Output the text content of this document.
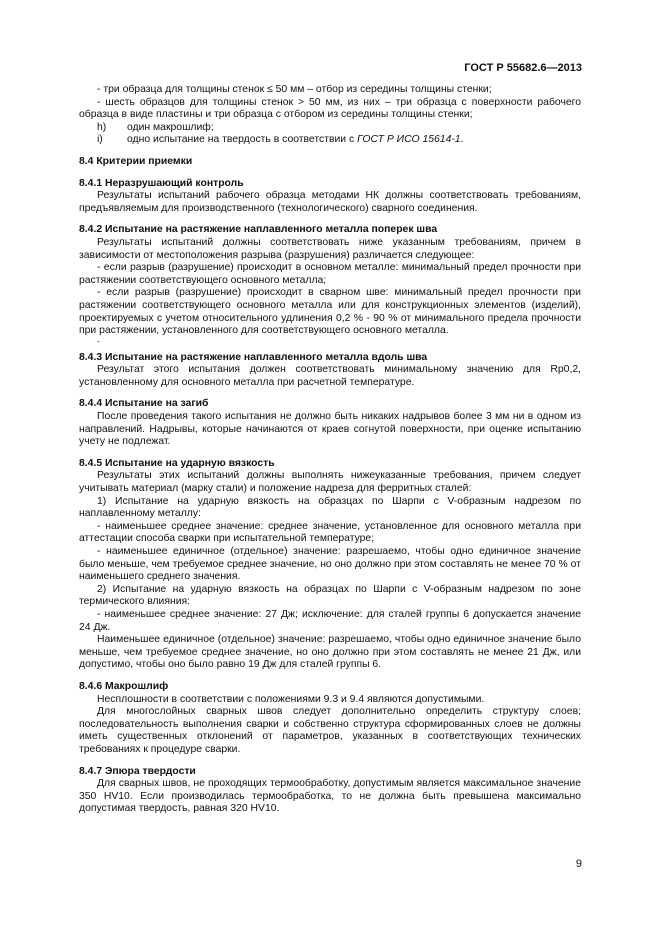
ГОСТ Р 55682.6—2013

- три образца для толщины стенок ≤ 50 мм – отбор из середины толщины стенки;

- шесть образцов для толщины стенок > 50 мм, из них – три образца с поверхности рабочего образца в виде пластины и три образца с отбором из середины толщины стенки;

h) один макрошлиф;

i) одно испытание на твердость в соответствии с ГОСТ Р ИСО 15614-1.

8.4 Критерии приемки

8.4.1 Неразрушающий контроль

Результаты испытаний рабочего образца методами НК должны соответствовать требованиям, предъявляемым для производственного (технологического) сварного соединения.

8.4.2 Испытание на растяжение наплавленного металла поперек шва

Результаты испытаний должны соответствовать ниже указанным требованиям, причем в зависимости от местоположения разрыва (разрушения) различается следующее:

- если разрыв (разрушение) происходит в основном металле: минимальный предел прочности при растяжении соответствующего основного металла;

- если разрыв (разрушение) происходит в сварном шве: минимальный предел прочности при растяжении соответствующего основного металла или для конструкционных элементов (изделий), проектируемых с учетом относительного удлинения 0,2 % - 90 % от минимального предела прочности при растяжении, установленного для соответствующего основного металла.

-

8.4.3 Испытание на растяжение наплавленного металла вдоль шва

Результат этого испытания должен соответствовать минимальному значению для Rp0,2, установленному для основного металла при расчетной температуре.

8.4.4 Испытание на загиб

После проведения такого испытания не должно быть никаких надрывов более 3 мм ни в одном из направлений. Надрывы, которые начинаются от краев согнутой поверхности, при оценке испытанию учету не подлежат.

8.4.5 Испытание на ударную вязкость

Результаты этих испытаний должны выполнять нижеуказанные требования, причем следует учитывать материал (марку стали) и положение надреза для ферритных сталей:

1) Испытание на ударную вязкость на образцах по Шарпи с V-образным надрезом по наплавленному металлу:

- наименьшее среднее значение: среднее значение, установленное для основного металла при аттестации способа сварки при испытательной температуре;

- наименьшее единичное (отдельное) значение: разрешаемо, чтобы одно единичное значение было меньше, чем требуемое среднее значение, но оно должно при этом составлять не менее 70 % от наименьшего среднего значения.

2) Испытание на ударную вязкость на образцах по Шарпи с V-образным надрезом по зоне термического влияния:

- наименьшее среднее значение: 27 Дж; исключение: для сталей группы 6 допускается значение 24 Дж.

Наименьшее единичное (отдельное) значение: разрешаемо, чтобы одно единичное значение было меньше, чем требуемое среднее значение, но оно должно при этом составлять не менее 21 Дж, или допустимо, чтобы оно было равно 19 Дж для сталей группы 6.

8.4.6 Макрошлиф

Несплошности в соответствии с положениями 9.3 и 9.4 являются допустимыми.

Для многослойных сварных швов следует дополнительно определить структуру слоев; последовательность выполнения сварки и собственно структура сформированных слоев не должны иметь существенных отклонений от параметров, указанных в соответствующих технических требованиях к процедуре сварки.

8.4.7 Эпюра твердости

Для сварных швов, не проходящих термообработку, допустимым является максимальное значение 350 HV10. Если производилась термообработка, то не должна быть превышена максимально допустимая твердость, равная 320 HV10.

9
